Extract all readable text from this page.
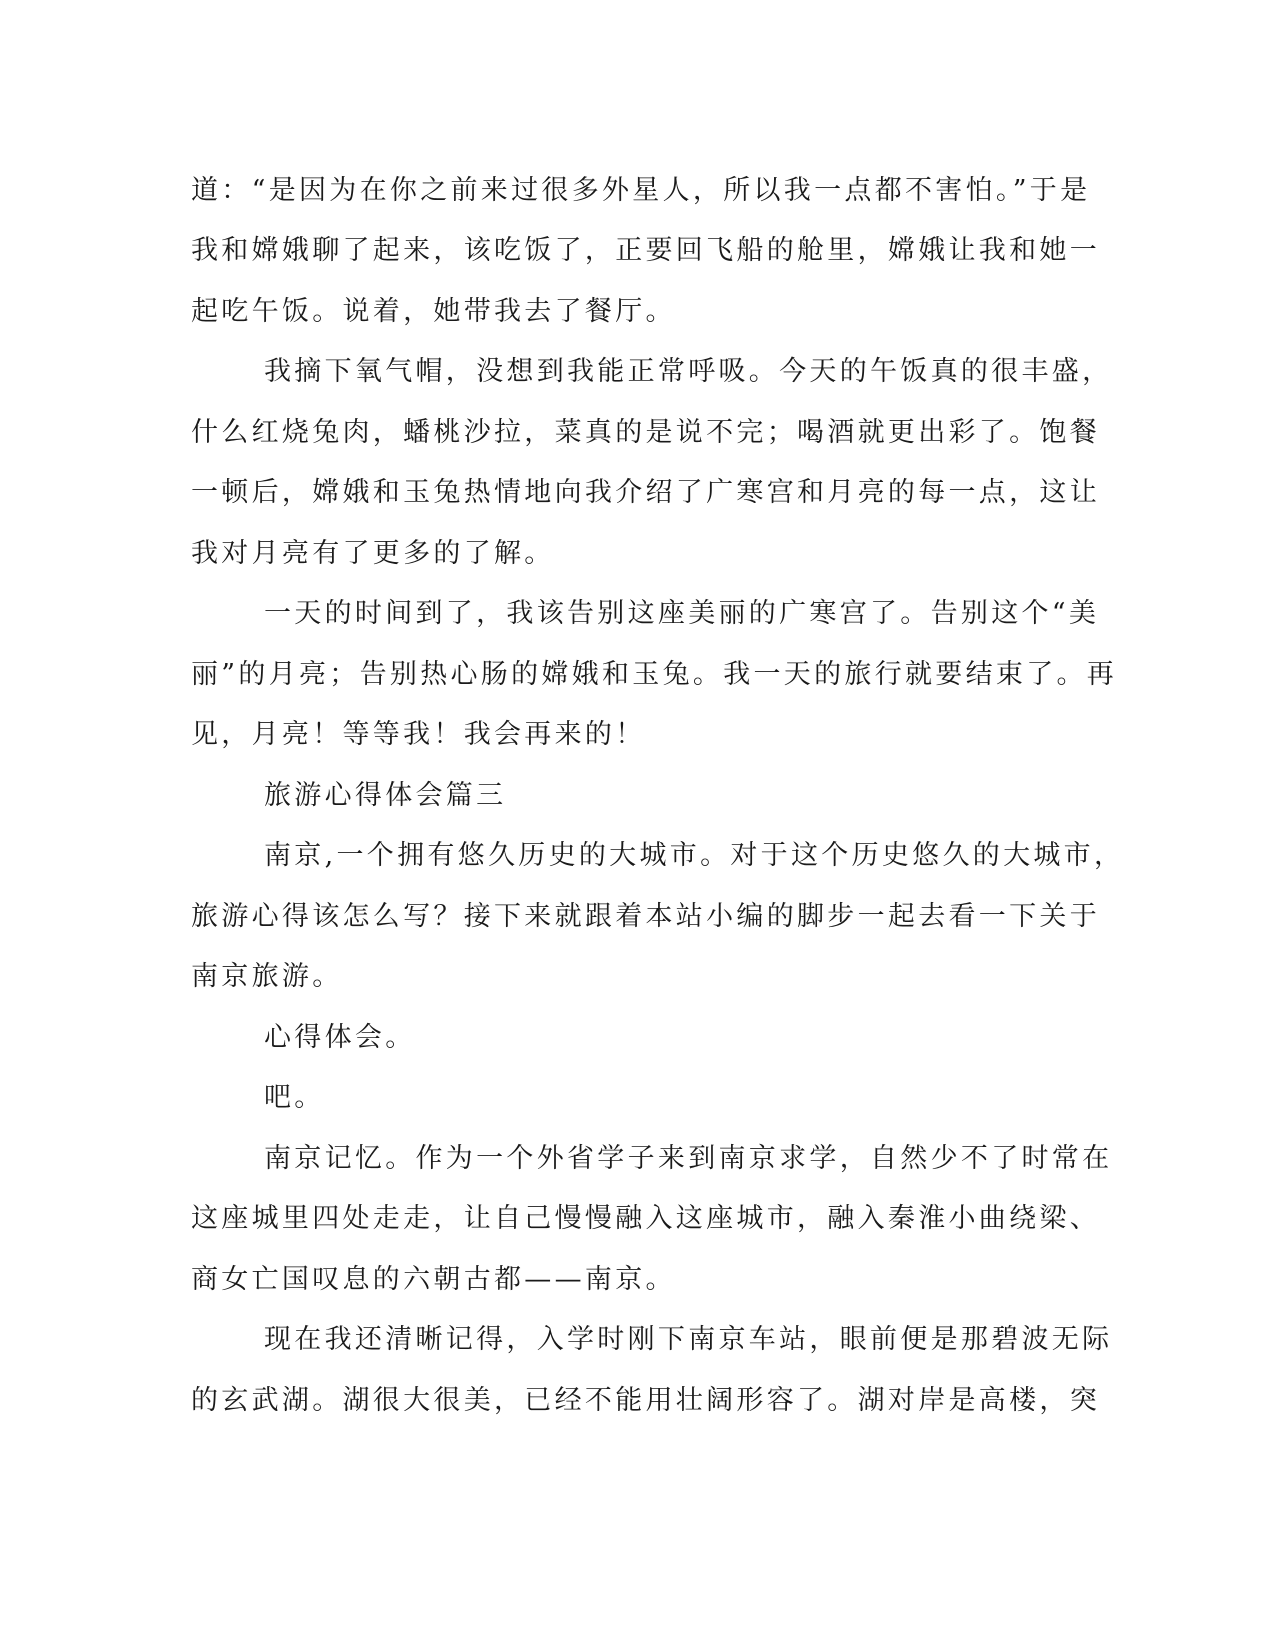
道：“是因为在你之前来过很多外星人，所以我一点都不害怕。”于是
我和嫦娥聊了起来，该吃饭了，正要回飞船的舱里，嫦娥让我和她一
起吃午饭。说着，她带我去了餐厅。
我摘下氧气帽，没想到我能正常呼吸。今天的午饭真的很丰盛，
什么红烧兔肉，蟠桃沙拉，菜真的是说不完；喝酒就更出彩了。饱餐
一顿后，嫦娥和玉兔热情地向我介绍了广寒宫和月亮的每一点，这让
我对月亮有了更多的了解。
一天的时间到了，我该告别这座美丽的广寒宫了。告别这个“美
丽”的月亮；告别热心肠的嫦娥和玉兔。我一天的旅行就要结束了。再
见，月亮！等等我！我会再来的！
旅游心得体会篇三
南京,一个拥有悠久历史的大城市。对于这个历史悠久的大城市，
旅游心得该怎么写？接下来就跟着本站小编的脚步一起去看一下关于
南京旅游。
心得体会。
吧。
南京记忆。作为一个外省学子来到南京求学，自然少不了时常在
这座城里四处走走，让自己慢慢融入这座城市，融入秦淮小曲绕梁、
商女亡国叹息的六朝古都——南京。
现在我还清晰记得，入学时刚下南京车站，眼前便是那碧波无际
的玄武湖。湖很大很美，已经不能用壮阔形容了。湖对岸是高楼，突
